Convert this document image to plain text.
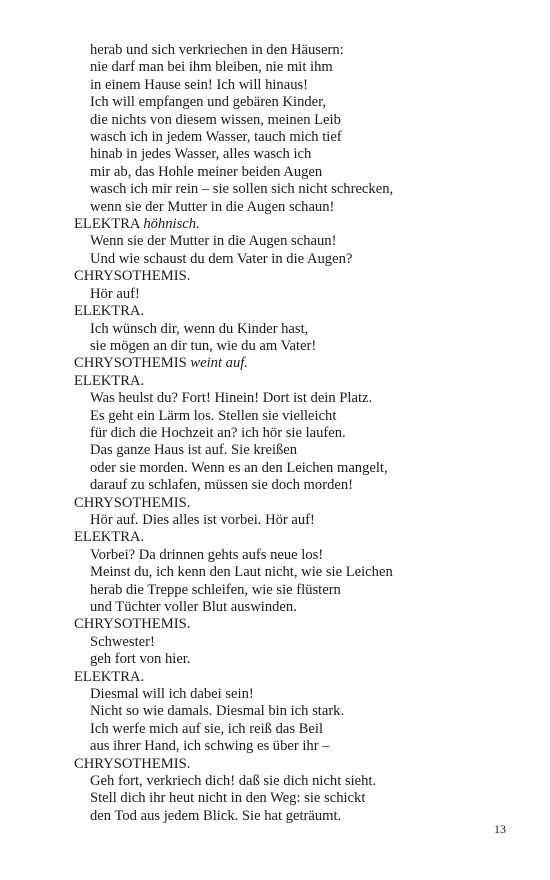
herab und sich verkriechen in den Häusern:
nie darf man bei ihm bleiben, nie mit ihm
in einem Hause sein! Ich will hinaus!
Ich will empfangen und gebären Kinder,
die nichts von diesem wissen, meinen Leib
wasch ich in jedem Wasser, tauch mich tief
hinab in jedes Wasser, alles wasch ich
mir ab, das Hohle meiner beiden Augen
wasch ich mir rein – sie sollen sich nicht schrecken,
wenn sie der Mutter in die Augen schaun!
ELEKTRA höhnisch.
Wenn sie der Mutter in die Augen schaun!
Und wie schaust du dem Vater in die Augen?
CHRYSOTHEMIS.
Hör auf!
ELEKTRA.
Ich wünsch dir, wenn du Kinder hast,
sie mögen an dir tun, wie du am Vater!
CHRYSOTHEMIS weint auf.
ELEKTRA.
Was heulst du? Fort! Hinein! Dort ist dein Platz.
Es geht ein Lärm los. Stellen sie vielleicht
für dich die Hochzeit an? ich hör sie laufen.
Das ganze Haus ist auf. Sie kreißen
oder sie morden. Wenn es an den Leichen mangelt,
darauf zu schlafen, müssen sie doch morden!
CHRYSOTHEMIS.
Hör auf. Dies alles ist vorbei. Hör auf!
ELEKTRA.
Vorbei? Da drinnen gehts aufs neue los!
Meinst du, ich kenn den Laut nicht, wie sie Leichen
herab die Treppe schleifen, wie sie flüstern
und Tüchter voller Blut auswinden.
CHRYSOTHEMIS.
Schwester!
geh fort von hier.
ELEKTRA.
Diesmal will ich dabei sein!
Nicht so wie damals. Diesmal bin ich stark.
Ich werfe mich auf sie, ich reiß das Beil
aus ihrer Hand, ich schwing es über ihr –
CHRYSOTHEMIS.
Geh fort, verkriech dich! daß sie dich nicht sieht.
Stell dich ihr heut nicht in den Weg: sie schickt
den Tod aus jedem Blick. Sie hat geträumt.
13
